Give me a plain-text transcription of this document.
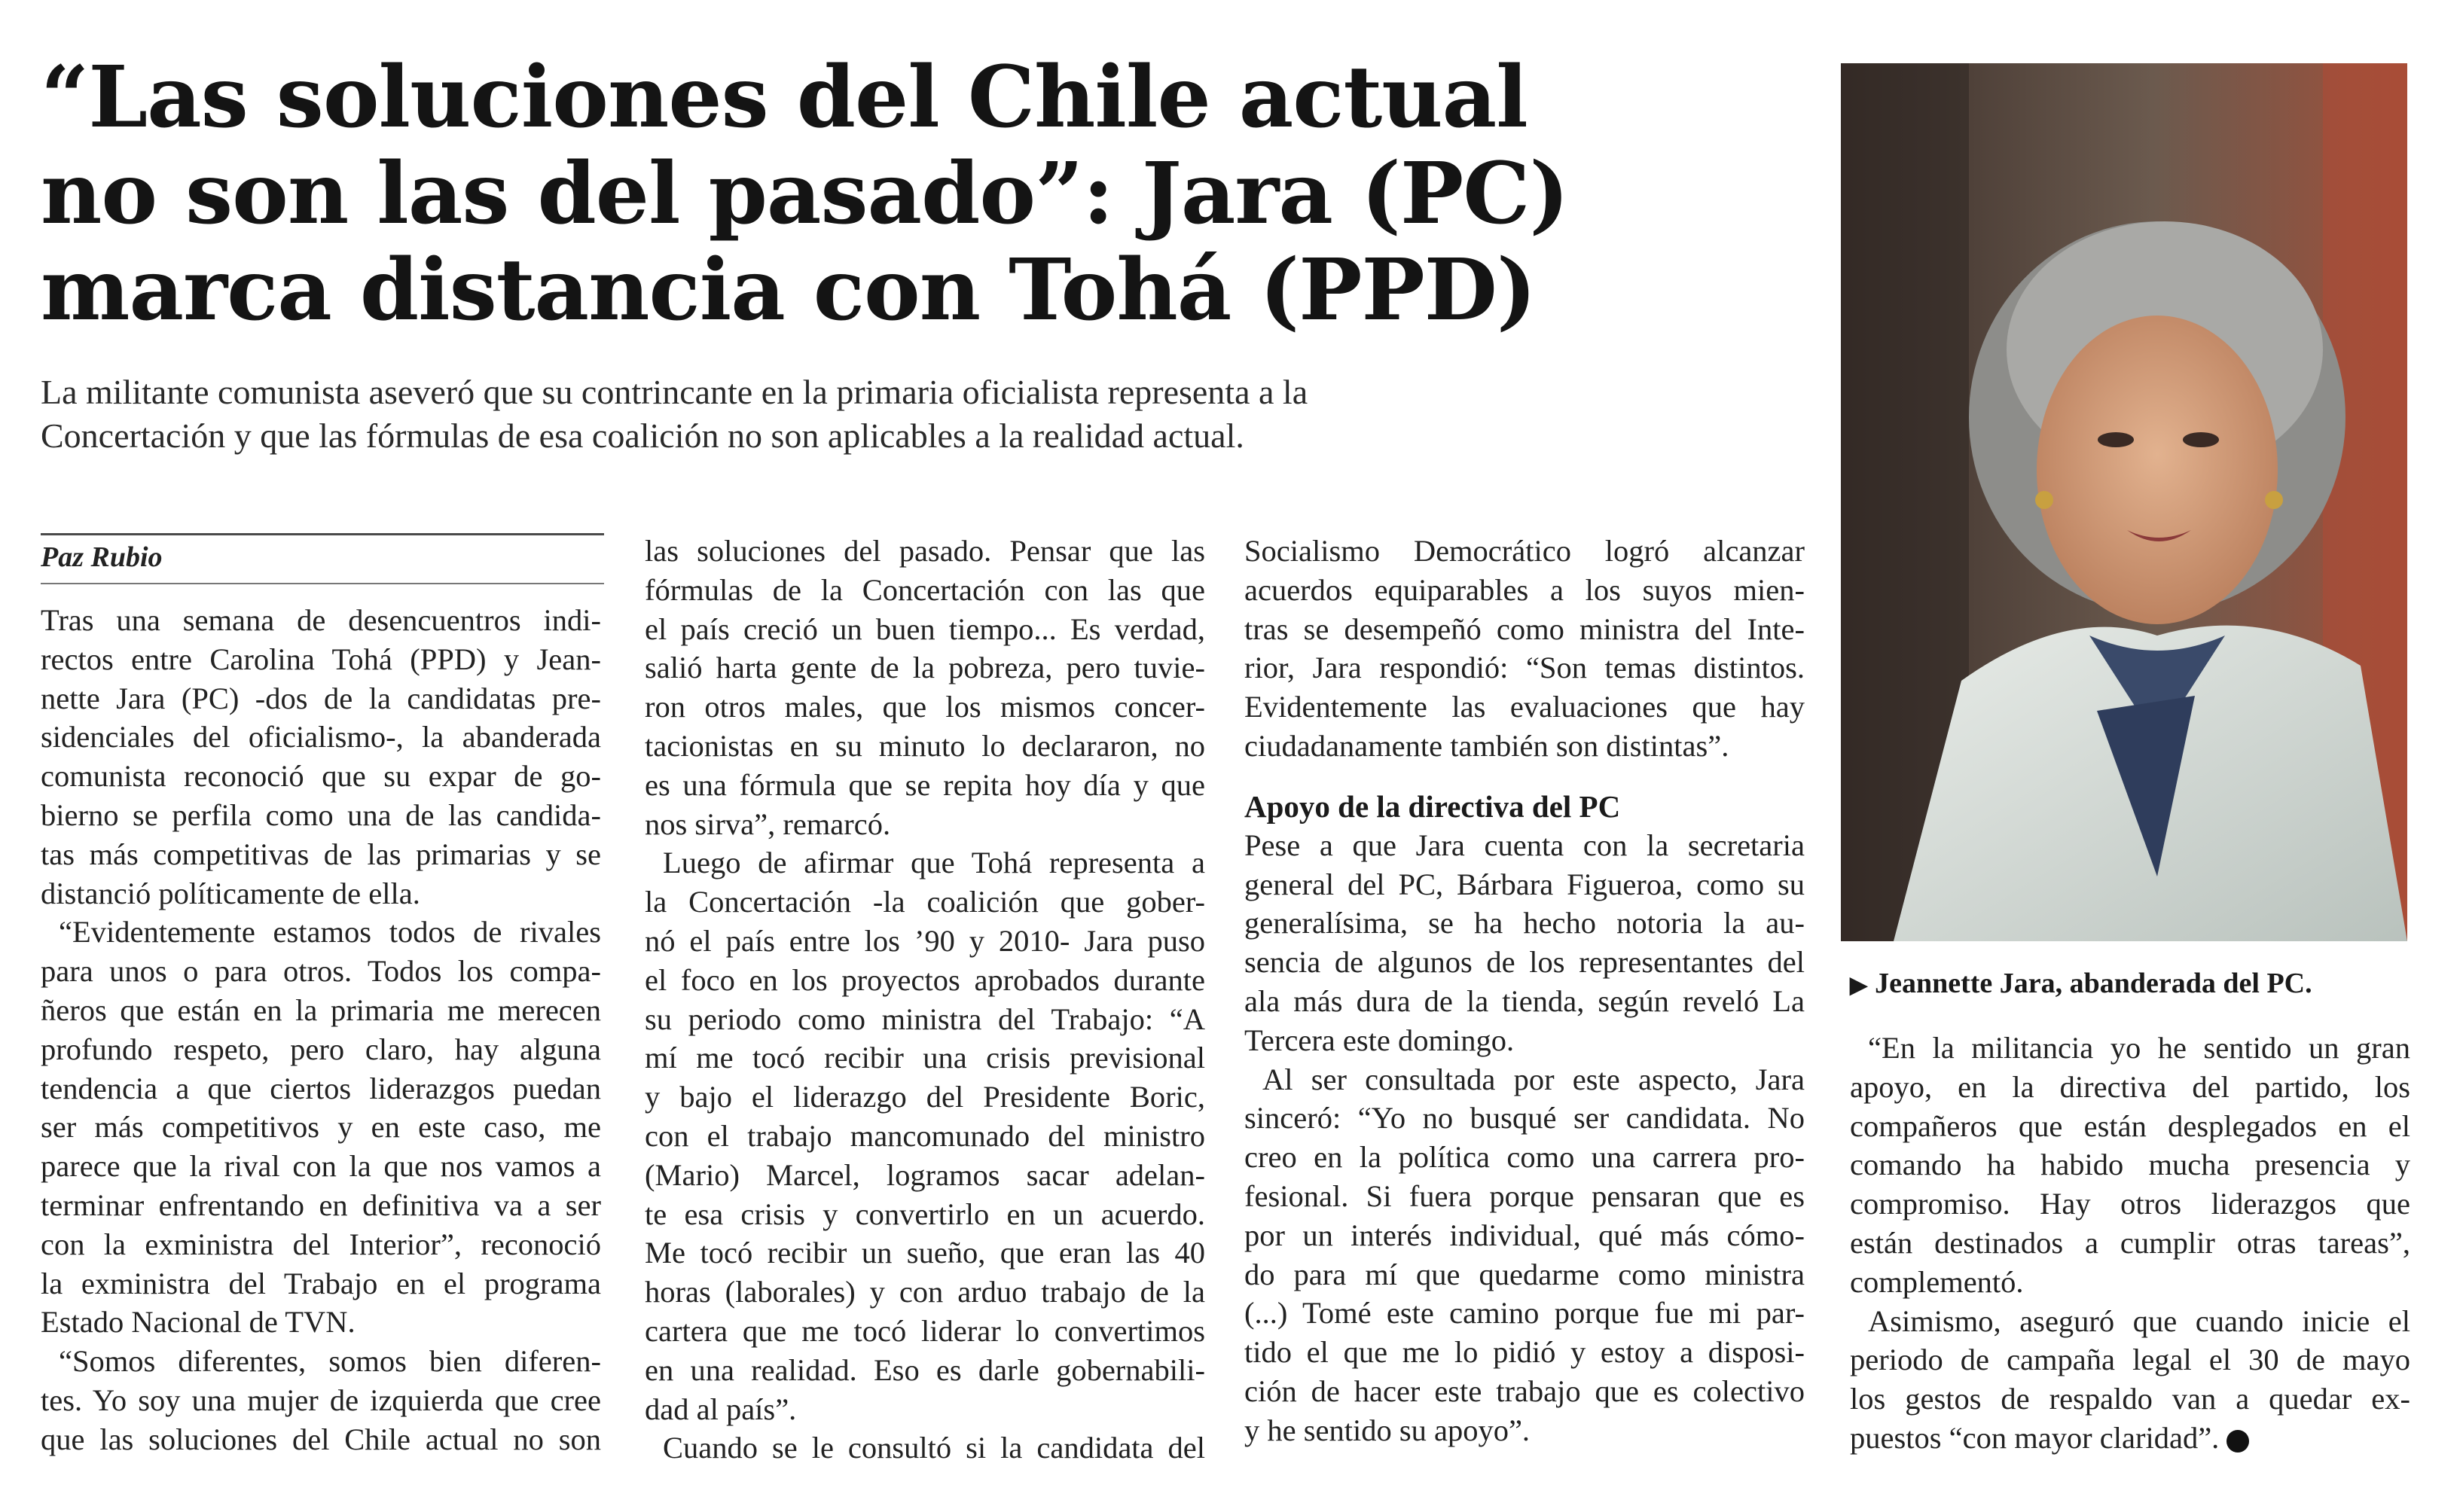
“Las soluciones del Chile actual
no son las del pasado”: Jara (PC)
marca distancia con Tohá (PPD)

La militante comunista aseveró que su contrincante en la primaria oficialista representa a la
Concertación y que las fórmulas de esa coalición no son aplicables a la realidad actual.

Paz Rubio
Tras una semana de desencuentros indi-
rectos entre Carolina Tohá (PPD) y Jean-
nette Jara (PC) -dos de la candidatas pre-
sidenciales del oficialismo-, la abanderada
comunista reconoció que su expar de go-
bierno se perfila como una de las candida-
tas más competitivas de las primarias y se
distanció políticamente de ella.
“Evidentemente estamos todos de rivales
para unos o para otros. Todos los compa-
ñeros que están en la primaria me merecen
profundo respeto, pero claro, hay alguna
tendencia a que ciertos liderazgos puedan
ser más competitivos y en este caso, me
parece que la rival con la que nos vamos a
terminar enfrentando en definitiva va a ser
con la exministra del Interior”, reconoció
la exministra del Trabajo en el programa
Estado Nacional de TVN.
“Somos diferentes, somos bien diferen-
tes. Yo soy una mujer de izquierda que cree
que las soluciones del Chile actual no son
las soluciones del pasado. Pensar que las
fórmulas de la Concertación con las que
el país creció un buen tiempo... Es verdad,
salió harta gente de la pobreza, pero tuvie-
ron otros males, que los mismos concer-
tacionistas en su minuto lo declararon, no
es una fórmula que se repita hoy día y que
nos sirva”, remarcó.
Luego de afirmar que Tohá representa a
la Concertación -la coalición que gober-
nó el país entre los ’90 y 2010- Jara puso
el foco en los proyectos aprobados durante
su periodo como ministra del Trabajo: “A
mí me tocó recibir una crisis previsional
y bajo el liderazgo del Presidente Boric,
con el trabajo mancomunado del ministro
(Mario) Marcel, logramos sacar adelan-
te esa crisis y convertirlo en un acuerdo.
Me tocó recibir un sueño, que eran las 40
horas (laborales) y con arduo trabajo de la
cartera que me tocó liderar lo convertimos
en una realidad. Eso es darle gobernabili-
dad al país”.
Cuando se le consultó si la candidata del
Socialismo Democrático logró alcanzar
acuerdos equiparables a los suyos mien-
tras se desempeñó como ministra del Inte-
rior, Jara respondió: “Son temas distintos.
Evidentemente las evaluaciones que hay
ciudadanamente también son distintas”.
Apoyo de la directiva del PC
Pese a que Jara cuenta con la secretaria
general del PC, Bárbara Figueroa, como su
generalísima, se ha hecho notoria la au-
sencia de algunos de los representantes del
ala más dura de la tienda, según reveló La
Tercera este domingo.
Al ser consultada por este aspecto, Jara
sinceró: “Yo no busqué ser candidata. No
creo en la política como una carrera pro-
fesional. Si fuera porque pensaran que es
por un interés individual, qué más cómo-
do para mí que quedarme como ministra
(...) Tomé este camino porque fue mi par-
tido el que me lo pidió y estoy a disposi-
ción de hacer este trabajo que es colectivo
y he sentido su apoyo”.
▶ Jeannette Jara, abanderada del PC.
“En la militancia yo he sentido un gran
apoyo, en la directiva del partido, los
compañeros que están desplegados en el
comando ha habido mucha presencia y
compromiso. Hay otros liderazgos que
están destinados a cumplir otras tareas”,
complementó.
Asimismo, aseguró que cuando inicie el
periodo de campaña legal el 30 de mayo
los gestos de respaldo van a quedar ex-
puestos “con mayor claridad”.
